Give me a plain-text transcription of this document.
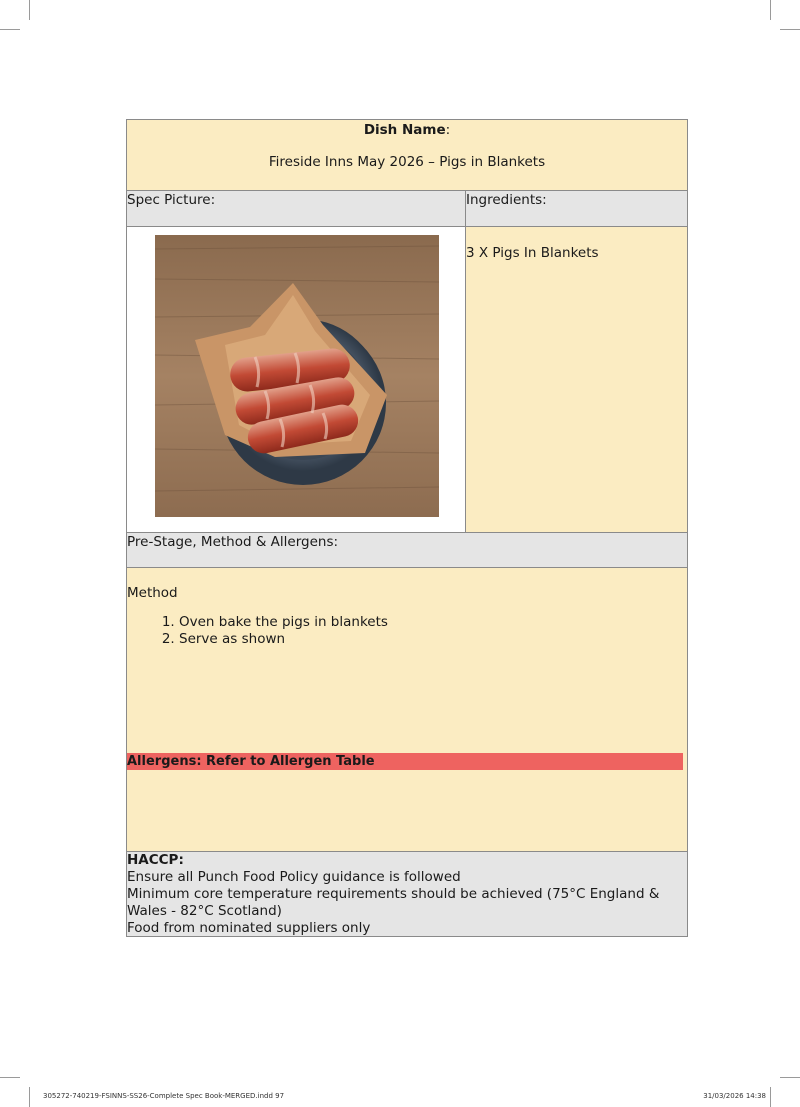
Dish Name:
Fireside Inns May 2026 – Pigs in Blankets
Spec Picture:	Ingredients:
3 X Pigs In Blankets
Pre-Stage, Method & Allergens:
Method
1. Oven bake the pigs in blankets
2. Serve as shown
Allergens: Refer to Allergen Table
HACCP:
Ensure all Punch Food Policy guidance is followed
Minimum core temperature requirements should be achieved (75°C England &
Wales - 82°C Scotland)
Food from nominated suppliers only
305272-740219-FSINNS-SS26-Complete Spec Book-MERGED.indd 97	31/03/2026 14:38
